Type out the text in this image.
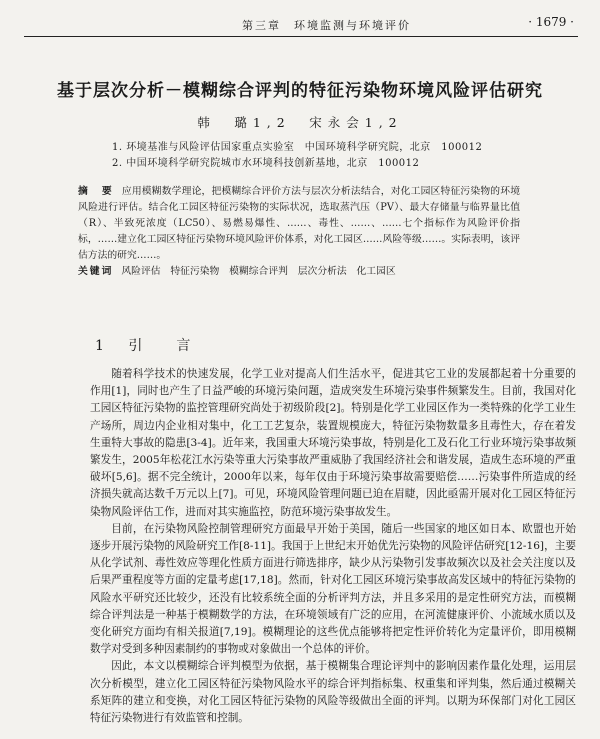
第三章　环境监测与环境评价	· 1679 ·
基于层次分析－模糊综合评判的特征污染物环境风险评估研究
韩　璐1,2　宋永会1,2
1. 环境基准与风险评估国家重点实验室　中国环境科学研究院，北京　100012
2. 中国环境科学研究院城市水环境科技创新基地，北京　100012
摘　要 应用模糊数学理论，把模糊综合评价方法与层次分析法结合，对化工园区特征污染物的环境风险进行评估。结合化工园区特征污染物的实际状况，选取蒸汽压（PV）、最大存储量与临界量比值（R）、半致死浓度（LC50）、易燃易爆性、……、毒性、……、……七个指标作为风险评价指标，……建立化工园区特征污染物环境风险评价体系，对化工园区……风险等级……。实际表明，该评估方法的研究……。
关键词 风险评估　特征污染物　模糊综合评判　层次分析法　化工园区
1 引　言

随着科学技术的快速发展，化学工业对提高人们生活水平，促进其它工业的发展都起着十分重要的作用[1]，同时也产生了日益严峻的环境污染问题，造成突发生环境污染事件频繁发生。目前，我国对化工园区特征污染物的监控管理研究尚处于初级阶段[2]。特别是化学工业园区作为一类特殊的化学工业生产场所，周边内企业相对集中，化工工艺复杂，装置规模庞大，特征污染物数量多且毒性大，存在着发生重特大事故的隐患[3-4]。近年来，我国重大环境污染事故，特别是化工及石化工行业环境污染事故频繁发生，2005年松花江水污染等重大污染事故严重威胁了我国经济社会和谐发展，造成生态环境的严重破坏[5,6]。据不完全统计，2000年以来，每年仅由于环境污染事故需要赔偿……污染事件所造成的经济损失就高达数千万元以上[7]。可见，环境风险管理问题已迫在眉睫，因此亟需开展对化工园区特征污染物风险评估工作，进而对其实施监控，防范环境污染事故发生。

目前，在污染物风险控制管理研究方面最早开始于美国，随后一些国家的地区如日本、欧盟也开始逐步开展污染物的风险研究工作[8-11]。我国于上世纪末开始优先污染物的风险评估研究[12-16]，主要从化学试剂、毒性效应等理化性质方面进行筛选排序，缺少从污染物引发事故频次以及社会关注度以及后果严重程度等方面的定量考虑[17,18]。然而，针对化工园区环境污染事故高发区域中的特征污染物的风险水平研究还比较少，还没有比较系统全面的分析评判方法，并且多采用的是定性研究方法，而模糊综合评判法是一种基于模糊数学的方法，在环境领域有广泛的应用，在河流健康评价、小流域水质以及变化研究方面均有相关报道[7,19]。模糊理论的这些优点能够将把定性评价转化为定量评价，即用模糊数学对受到多种因素制约的事物或对象做出一个总体的评价。

因此，本文以模糊综合评判模型为依据，基于模糊集合理论评判中的影响因素作量化处理，运用层次分析模型，建立化工园区特征污染物风险水平的综合评判指标集、权重集和评判集，然后通过模糊关系矩阵的建立和变换，对化工园区特征污染物的风险等级做出全面的评判。以期为环保部门对化工园区特征污染物进行有效监管和控制。
